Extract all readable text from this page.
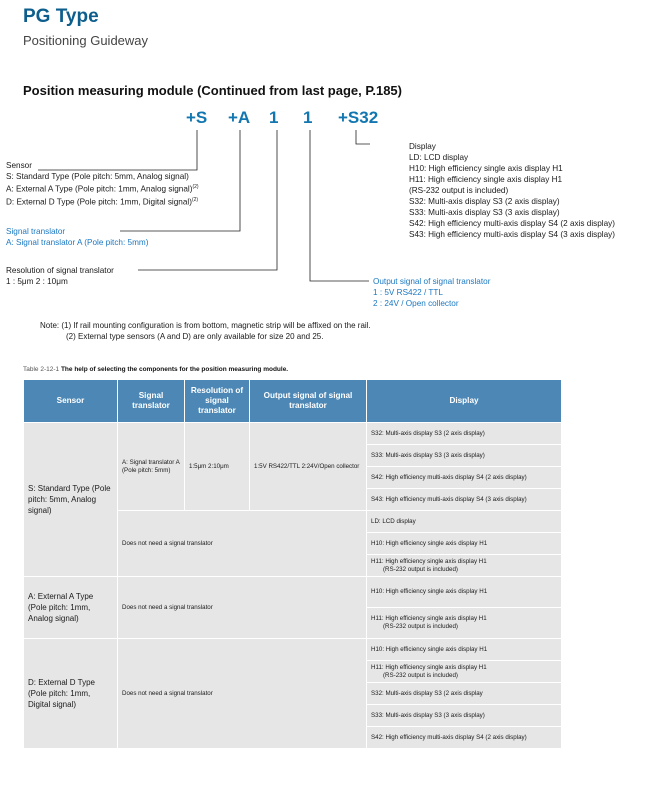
PG Type
Positioning Guideway
Position measuring module (Continued from last page, P.185)
+S +A 1 1 +S32
Sensor
S: Standard Type (Pole pitch: 5mm, Analog signal)
A: External A Type (Pole pitch: 1mm, Analog signal)$^{(2)}$
D: External D Type (Pole pitch: 1mm, Digital signal)$^{(2)}$
Signal translator
A: Signal translator A (Pole pitch: 5mm)
Resolution of signal translator
1 : 5μm 2 : 10μm	Output signal of signal translator
1 : 5V RS422 / TTL
2 : 24V / Open collector
Display
LD: LCD display
H10: High efficiency single axis display H1
H11: High efficiency single axis display H1
(RS-232 output is included)
S32: Multi-axis display S3 (2 axis display)
S33: Multi-axis display S3 (3 axis display)
S42: High efficiency multi-axis display S4 (2 axis display)
S43: High efficiency multi-axis display S4 (3 axis display)
Note: (1) If rail mounting configuration is from bottom, magnetic strip will be affixed on the rail.
(2) External type sensors (A and D) are only available for size 20 and 25.
Table 2-12-1 The help of selecting the components for the position measuring module.
Sensor	Signal translator	Resolution of signal translator	Output signal of signal translator	Display
S: Standard Type (Pole pitch: 5mm, Analog signal)	A: Signal translator A (Pole pitch: 5mm)	1:5μm 2:10μm	1:5V RS422/TTL 2:24V/Open collector	S32: Multi-axis display S3 (2 axis display)
				S33: Multi-axis display S3 (3 axis display)
				S42: High efficiency multi-axis display S4 (2 axis display)
				S43: High efficiency multi-axis display S4 (3 axis display)
	Does not need a signal translator			LD: LCD display
				H10: High efficiency single axis display H1
				H11: High efficiency single axis display H1
(RS-232 output is included)
A: External A Type (Pole pitch: 1mm, Analog signal)	Does not need a signal translator			H10: High efficiency single axis display H1
				H11: High efficiency single axis display H1
(RS-232 output is included)
D: External D Type (Pole pitch: 1mm, Digital signal)	Does not need a signal translator			H10: High efficiency single axis display H1
				H11: High efficiency single axis display H1
(RS-232 output is included)
				S32: Multi-axis display S3 (2 axis display
				S33: Multi-axis display S3 (3 axis display)
				S42: High efficiency multi-axis display S4 (2 axis display)
